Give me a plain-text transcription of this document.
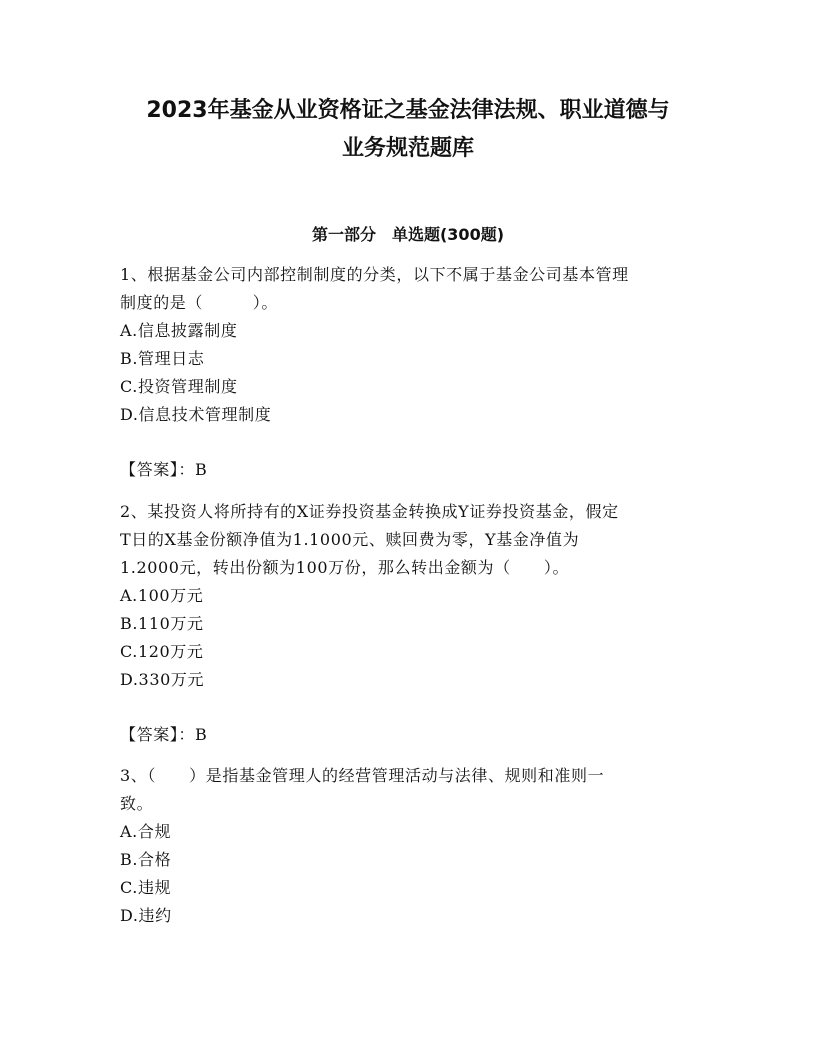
2023年基金从业资格证之基金法律法规、职业道德与
业务规范题库
第一部分　单选题(300题)
1、根据基金公司内部控制制度的分类，以下不属于基金公司基本管理
制度的是（　　　）。
A.信息披露制度
B.管理日志
C.投资管理制度
D.信息技术管理制度
【答案】：B
2、某投资人将所持有的X证券投资基金转换成Y证券投资基金，假定
T日的X基金份额净值为1.1000元、赎回费为零，Y基金净值为
1.2000元，转出份额为100万份，那么转出金额为（　　）。
A.100万元
B.110万元
C.120万元
D.330万元
【答案】：B
3、（　　）是指基金管理人的经营管理活动与法律、规则和准则一
致。
A.合规
B.合格
C.违规
D.违约
